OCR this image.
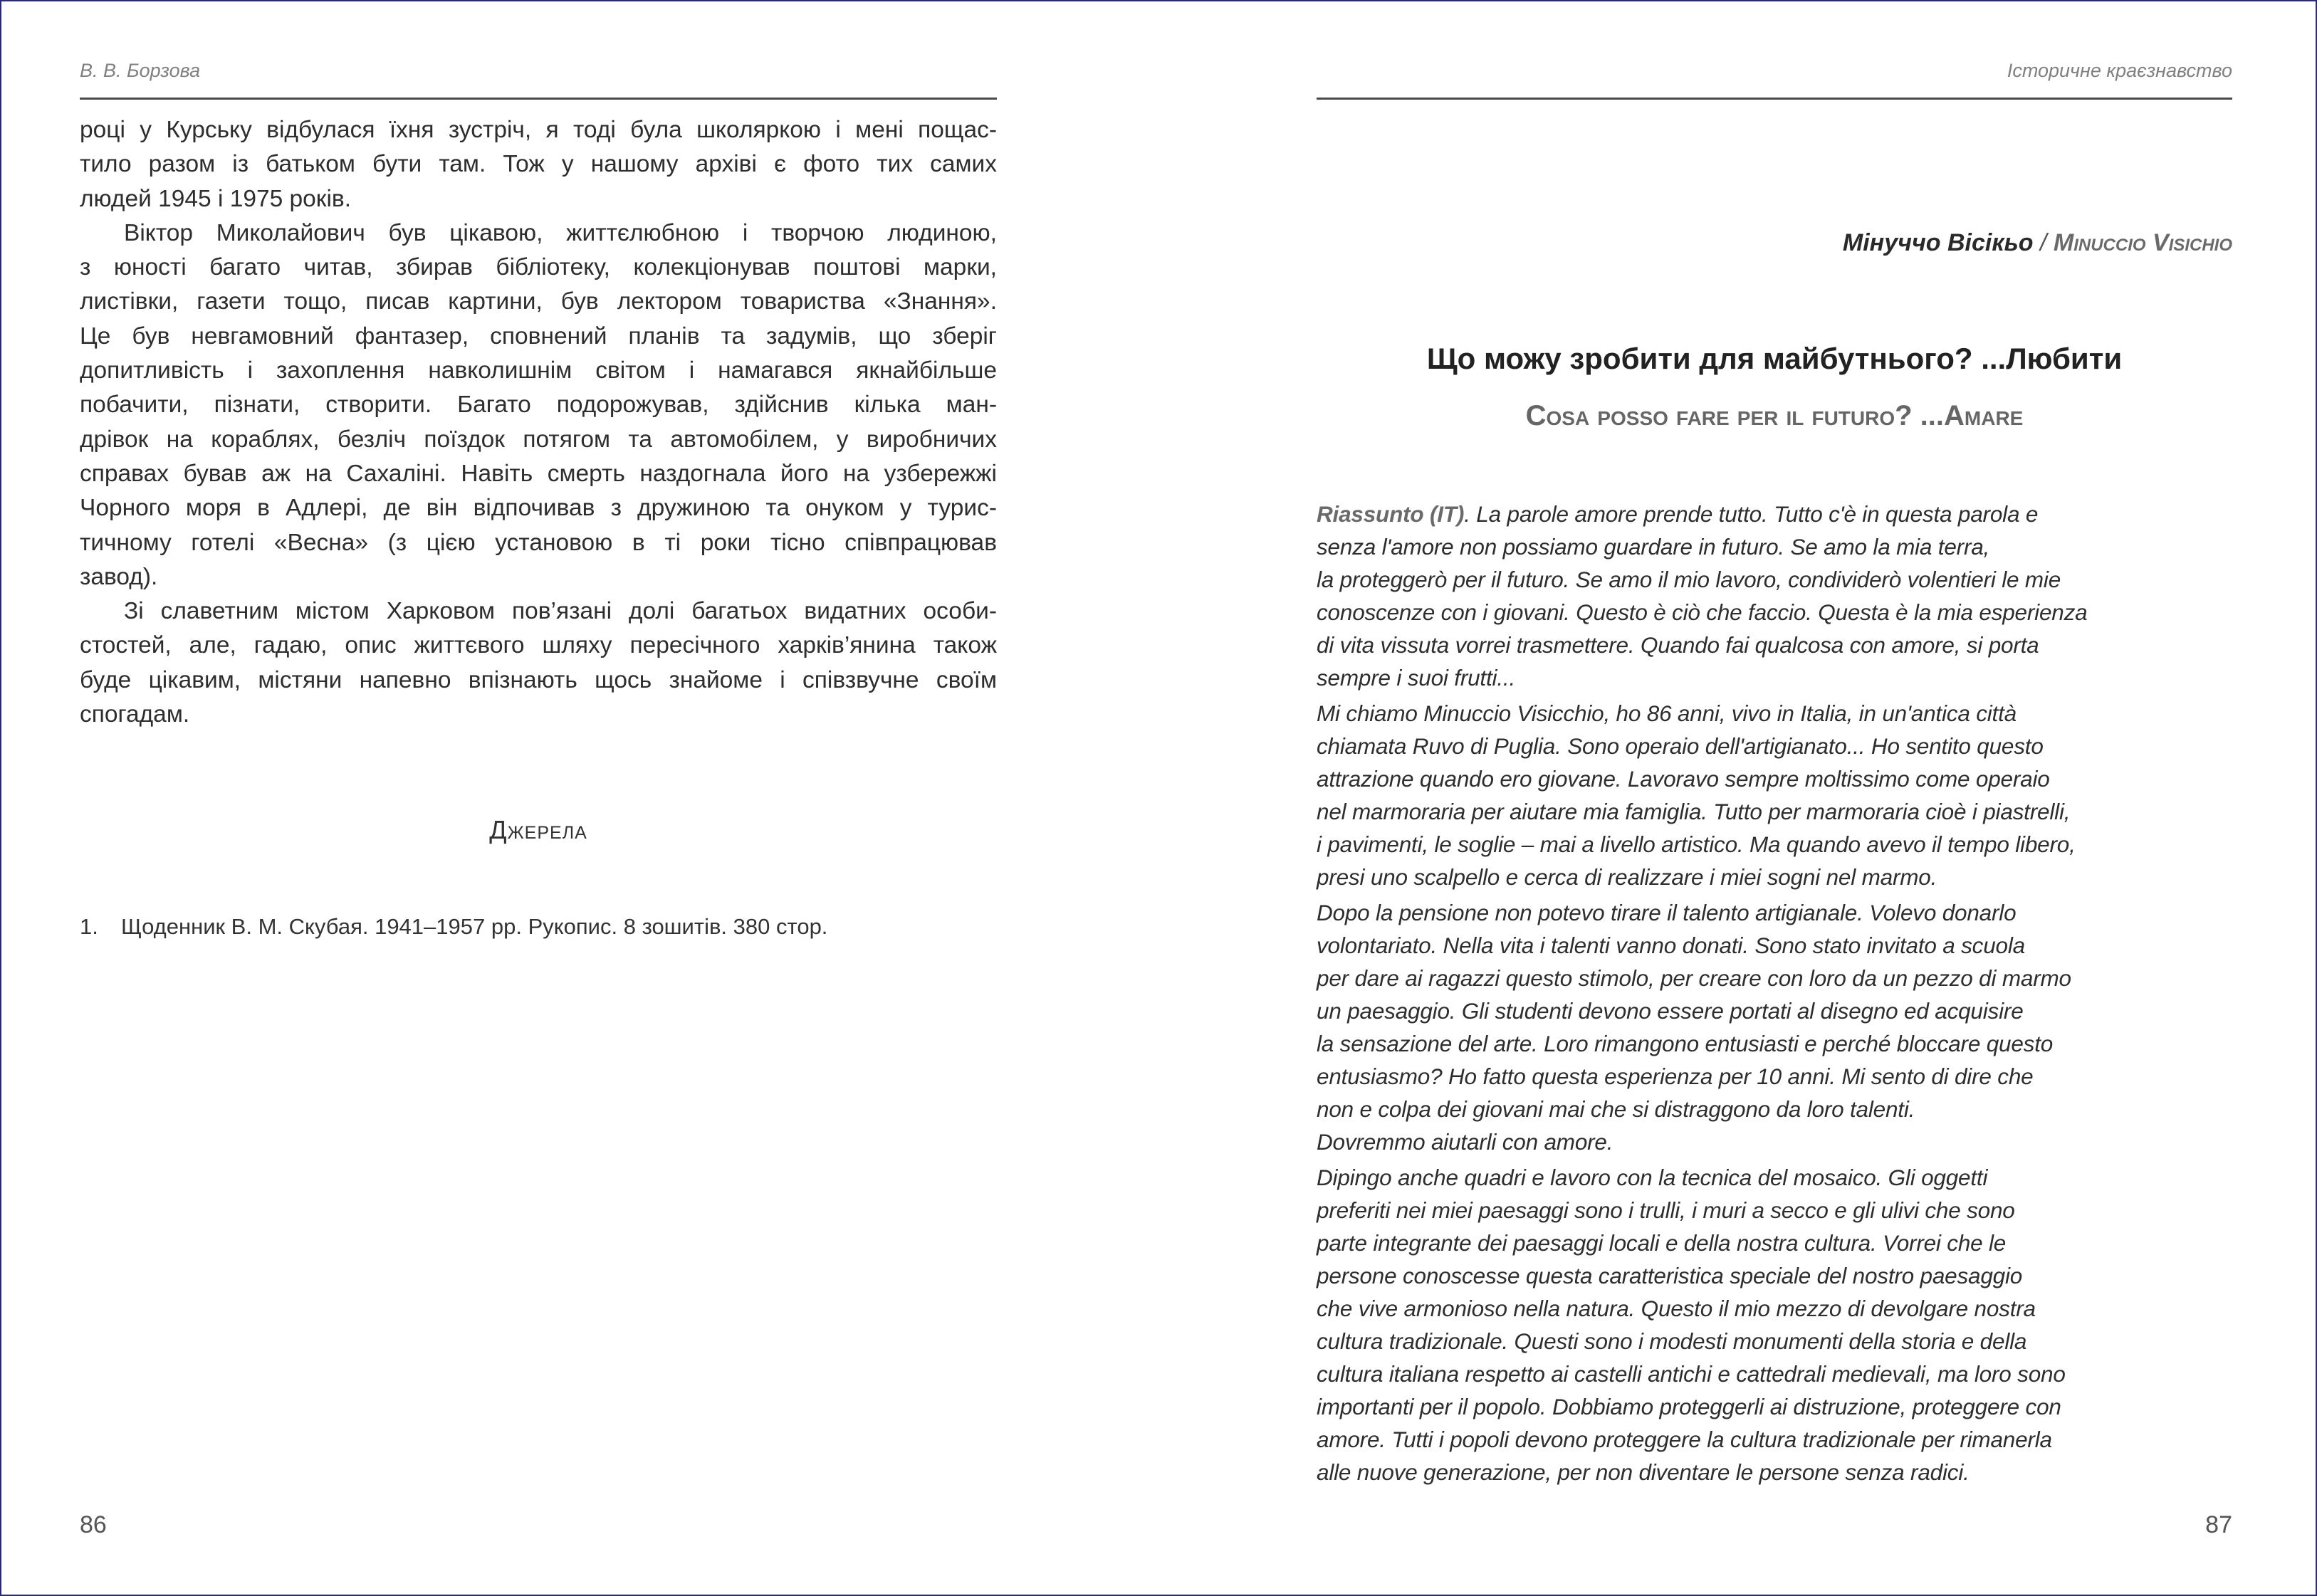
В. В. Борзова
році у Курську відбулася їхня зустріч, я тоді була школяркою і мені пощас-
тило разом із батьком бути там. Тож у нашому архіві є фото тих самих
людей 1945 і 1975 років.
Віктор Миколайович був цікавою, життєлюбною і творчою людиною,
з юності багато читав, збирав бібліотеку, колекціонував поштові марки,
листівки, газети тощо, писав картини, був лектором товариства «Знання».
Це був невгамовний фантазер, сповнений планів та задумів, що зберіг
допитливість і захоплення навколишнім світом і намагався якнайбільше
побачити, пізнати, створити. Багато подорожував, здійснив кілька ман-
дрівок на кораблях, безліч поїздок потягом та автомобілем, у виробничих
справах бував аж на Сахаліні. Навіть смерть наздогнала його на узбережжі
Чорного моря в Адлері, де він відпочивав з дружиною та онуком у турис-
тичному готелі «Весна» (з цією установою в ті роки тісно співпрацював
завод).
Зі славетним містом Харковом пов’язані долі багатьох видатних особи-
стостей, але, гадаю, опис життєвого шляху пересічного харків’янина також
буде цікавим, містяни напевно впізнають щось знайоме і співзвучне своїм
спогадам.
Джерела
1. Щоденник В. М. Скубая. 1941–1957 рр. Рукопис. 8 зошитів. 380 стор.
86
Історичне краєзнавство
Мінуччо Вісікьо / Minuccio Visichio
Що можу зробити для майбутнього? ...Любити
Cosa posso fare per il futuro? ...Amare
Riassunto (IT). La parole amore prende tutto. Tutto c'è in questa parola e
senza l'amore non possiamo guardare in futuro. Se amo la mia terra,
la proteggerò per il futuro. Se amo il mio lavoro, condividerò volentieri le mie
conoscenze con i giovani. Questo è ciò che faccio. Questa è la mia esperienza
di vita vissuta vorrei trasmettere. Quando fai qualcosa con amore, si porta
sempre i suoi frutti...
Mi chiamo Minuccio Visicchio, ho 86 anni, vivo in Italia, in un'antica città
chiamata Ruvo di Puglia. Sono operaio dell'artigianato... Ho sentito questo
attrazione quando ero giovane. Lavoravo sempre moltissimo come operaio
nel marmoraria per aiutare mia famiglia. Tutto per marmoraria cioè i piastrelli,
i pavimenti, le soglie – mai a livello artistico. Ma quando avevo il tempo libero,
presi uno scalpello e cerca di realizzare i miei sogni nel marmo.
Dopo la pensione non potevo tirare il talento artigianale. Volevo donarlo
volontariato. Nella vita i talenti vanno donati. Sono stato invitato a scuola
per dare ai ragazzi questo stimolo, per creare con loro da un pezzo di marmo
un paesaggio. Gli studenti devono essere portati al disegno ed acquisire
la sensazione del arte. Loro rimangono entusiasti e perché bloccare questo
entusiasmo? Ho fatto questa esperienza per 10 anni. Mi sento di dire che
non e colpa dei giovani mai che si distraggono da loro talenti.
Dovremmo aiutarli con amore.
Dipingo anche quadri e lavoro con la tecnica del mosaico. Gli oggetti
preferiti nei miei paesaggi sono i trulli, i muri a secco e gli ulivi che sono
parte integrante dei paesaggi locali e della nostra cultura. Vorrei che le
persone conoscesse questa caratteristica speciale del nostro paesaggio
che vive armonioso nella natura. Questo il mio mezzo di devolgare nostra
cultura tradizionale. Questi sono i modesti monumenti della storia e della
cultura italiana respetto ai castelli antichi e cattedrali medievali, ma loro sono
importanti per il popolo. Dobbiamo proteggerli ai distruzione, proteggere con
amore. Tutti i popoli devono proteggere la cultura tradizionale per rimanerla
alle nuove generazione, per non diventare le persone senza radici.
87
